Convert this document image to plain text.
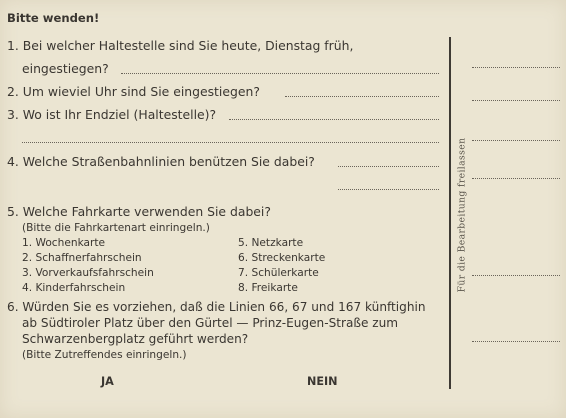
Bitte wenden!
1. Bei welcher Haltestelle sind Sie heute, Dienstag früh,
eingestiegen?
2. Um wieviel Uhr sind Sie eingestiegen?
3. Wo ist Ihr Endziel (Haltestelle)?
4. Welche Straßenbahnlinien benützen Sie dabei?
5. Welche Fahrkarte verwenden Sie dabei?
(Bitte die Fahrkartenart einringeln.)
1. Wochenkarte
2. Schaffnerfahrschein
3. Vorverkaufsfahrschein
4. Kinderfahrschein
5. Netzkarte
6. Streckenkarte
7. Schülerkarte
8. Freikarte
6. Würden Sie es vorziehen, daß die Linien 66, 67 und 167 künftighin
ab Südtiroler Platz über den Gürtel — Prinz-Eugen-Straße zum
Schwarzenbergplatz geführt werden?
(Bitte Zutreffendes einringeln.)
JA	NEIN
Für die Bearbeitung freilassen
